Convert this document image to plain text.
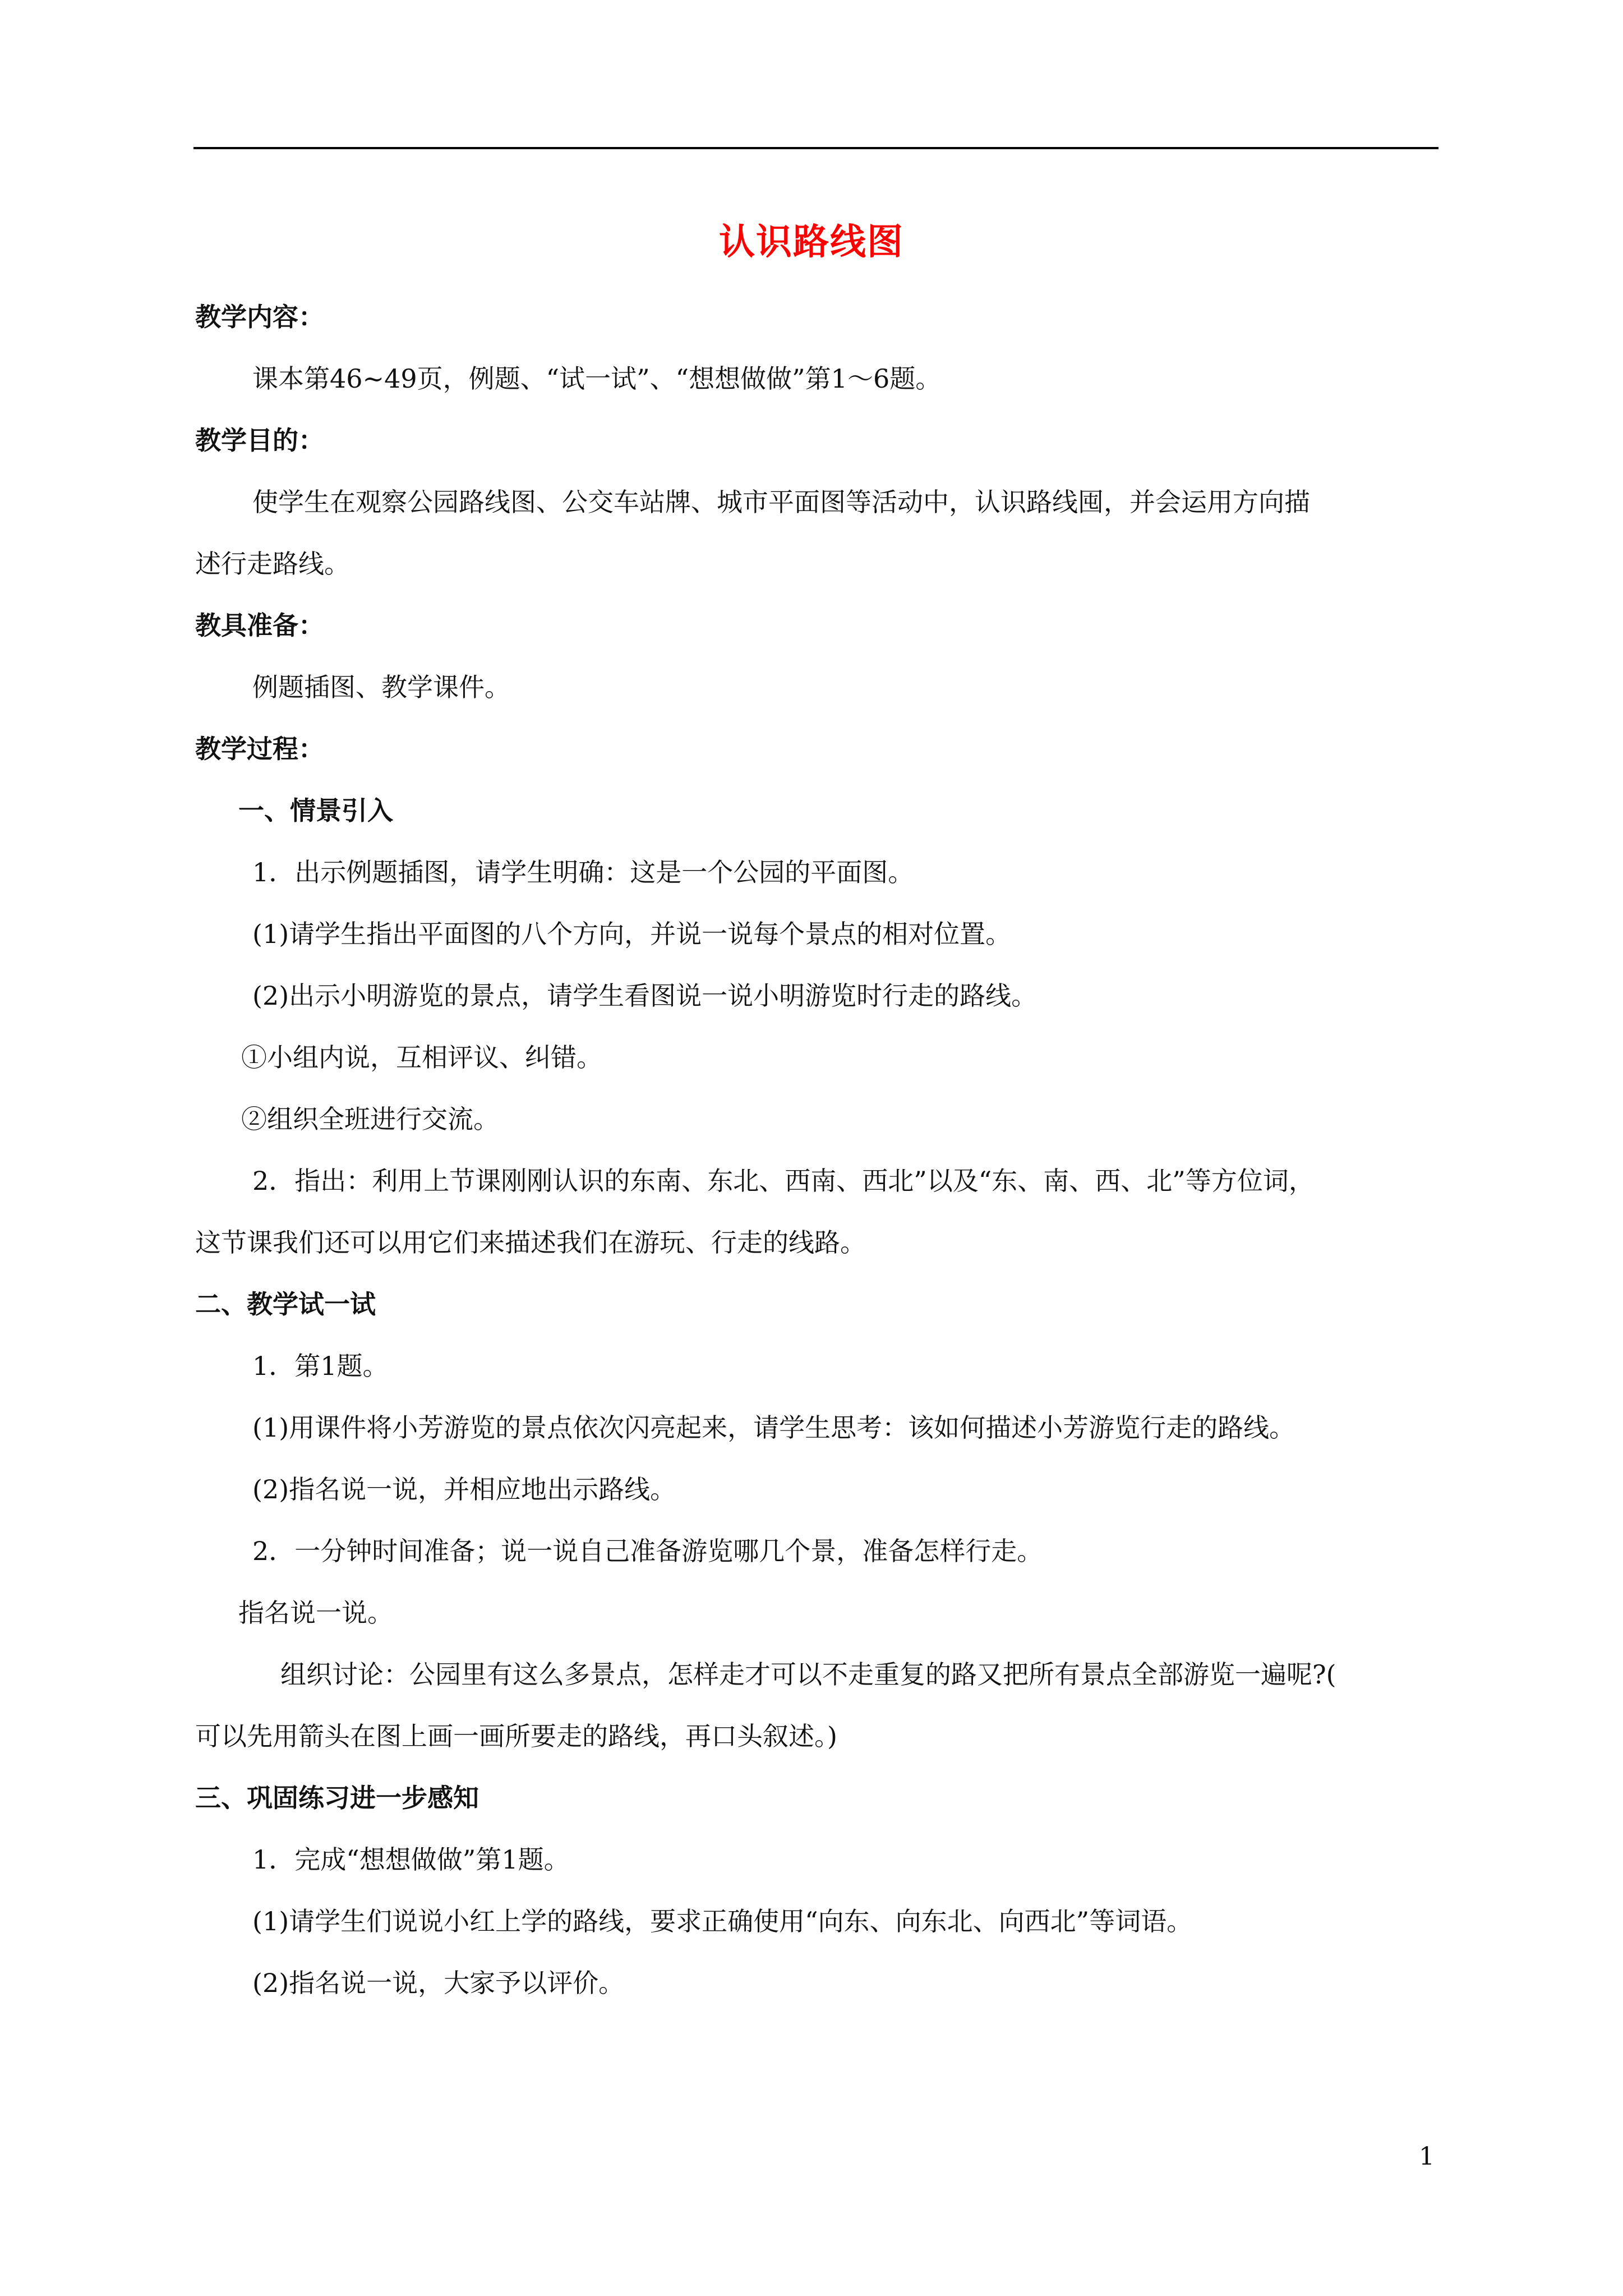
认识路线图
教学内容：
课本第46~49页，例题、“试一试”、“想想做做”第1～6题。
教学目的：
使学生在观察公园路线图、公交车站牌、城市平面图等活动中，认识路线囤，并会运用方向描
述行走路线。
教具准备：
例题插图、教学课件。
教学过程：
一、情景引入
1．出示例题插图，请学生明确：这是一个公园的平面图。
(1)请学生指出平面图的八个方向，并说一说每个景点的相对位置。
(2)出示小明游览的景点，请学生看图说一说小明游览时行走的路线。
①小组内说，互相评议、纠错。
②组织全班进行交流。
2．指出：利用上节课刚刚认识的东南、东北、西南、西北”以及“东、南、西、北”等方位词，
这节课我们还可以用它们来描述我们在游玩、行走的线路。
二、教学试一试
1．第1题。
(1)用课件将小芳游览的景点依次闪亮起来，请学生思考：该如何描述小芳游览行走的路线。
(2)指名说一说，并相应地出示路线。
2．一分钟时间准备；说一说自己准备游览哪几个景，准备怎样行走。
指名说一说。
组织讨论：公园里有这么多景点，怎样走才可以不走重复的路又把所有景点全部游览一遍呢?(
可以先用箭头在图上画一画所要走的路线，再口头叙述。)
三、巩固练习进一步感知
1．完成“想想做做”第1题。
(1)请学生们说说小红上学的路线，要求正确使用“向东、向东北、向西北”等词语。
(2)指名说一说，大家予以评价。
1
